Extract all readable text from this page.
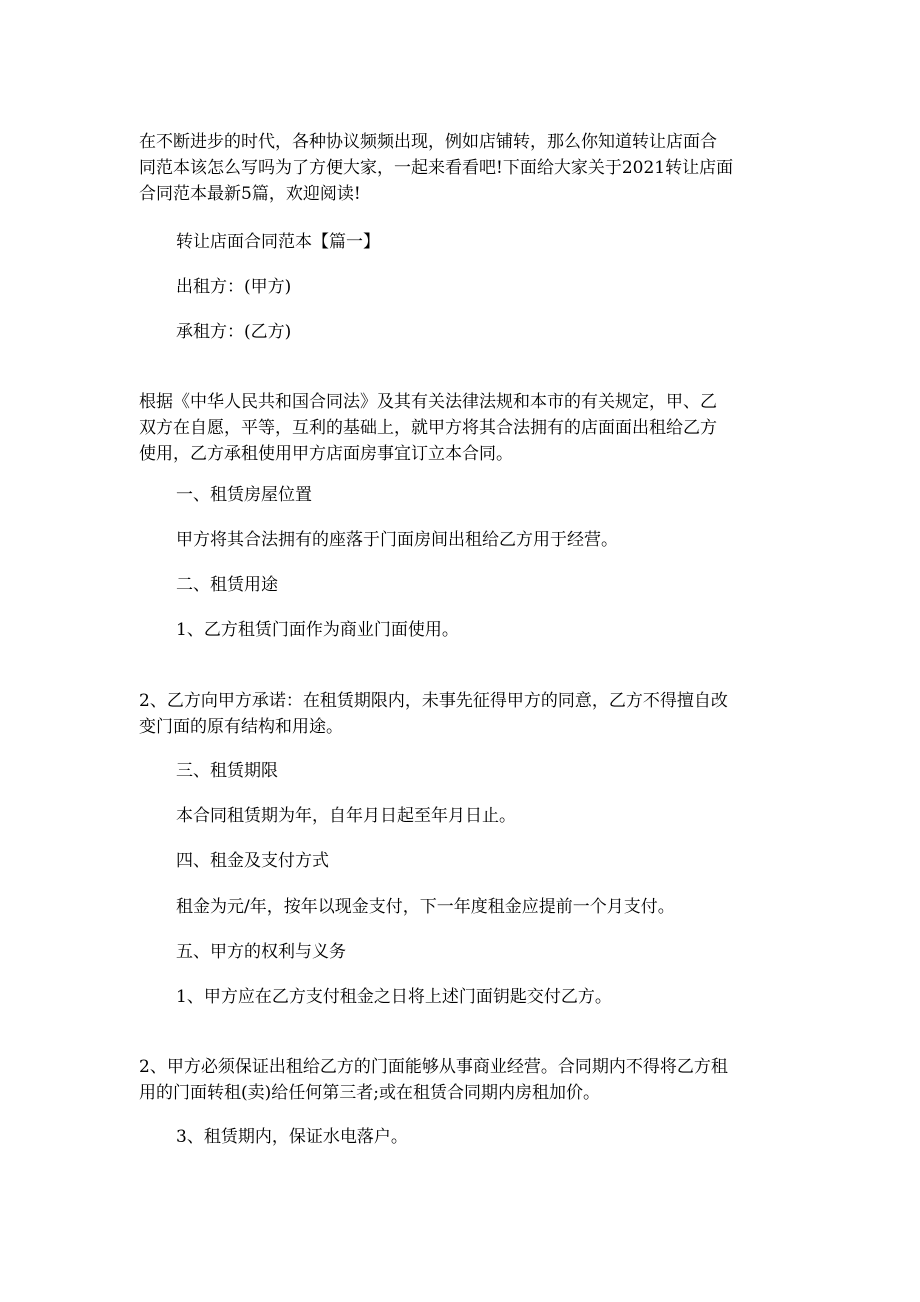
在不断进步的时代，各种协议频频出现，例如店铺转，那么你知道转让店面合
同范本该怎么写吗为了方便大家，一起来看看吧!下面给大家关于2021转让店面
合同范本最新5篇，欢迎阅读!

转让店面合同范本【篇一】

出租方：(甲方)

承租方：(乙方)

根据《中华人民共和国合同法》及其有关法律法规和本市的有关规定，甲、乙
双方在自愿，平等，互利的基础上，就甲方将其合法拥有的店面面出租给乙方
使用，乙方承租使用甲方店面房事宜订立本合同。

一、租赁房屋位置

甲方将其合法拥有的座落于门面房间出租给乙方用于经营。

二、租赁用途

1、乙方租赁门面作为商业门面使用。

2、乙方向甲方承诺：在租赁期限内，未事先征得甲方的同意，乙方不得擅自改
变门面的原有结构和用途。

三、租赁期限

本合同租赁期为年，自年月日起至年月日止。

四、租金及支付方式

租金为元/年，按年以现金支付，下一年度租金应提前一个月支付。

五、甲方的权利与义务

1、甲方应在乙方支付租金之日将上述门面钥匙交付乙方。

2、甲方必须保证出租给乙方的门面能够从事商业经营。合同期内不得将乙方租
用的门面转租(卖)给任何第三者;或在租赁合同期内房租加价。

3、租赁期内，保证水电落户。
